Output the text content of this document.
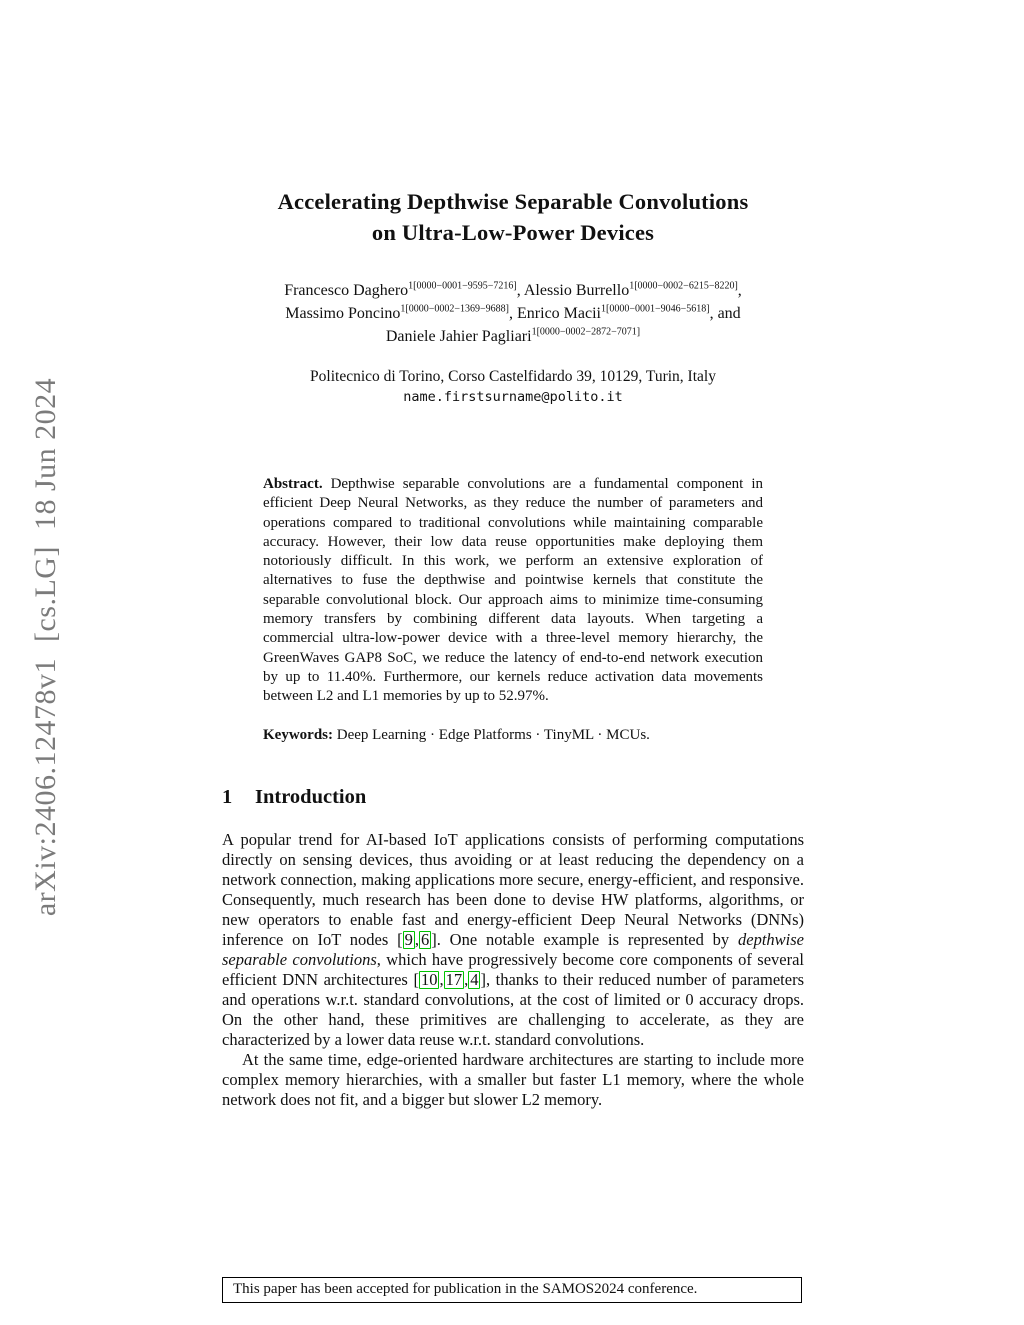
arXiv:2406.12478v1  [cs.LG]  18 Jun 2024
Accelerating Depthwise Separable Convolutions
on Ultra-Low-Power Devices
Francesco Daghero$^{1[0000-0001-9595-7216]}$, Alessio Burrello$^{1[0000-0002-6215-8220]}$,
Massimo Poncino$^{1[0000-0002-1369-9688]}$, Enrico Macii$^{1[0000-0001-9046-5618]}$, and
Daniele Jahier Pagliari$^{1[0000-0002-2872-7071]}$
Politecnico di Torino, Corso Castelfidardo 39, 10129, Turin, Italy
name.firstsurname@polito.it
Abstract. Depthwise separable convolutions are a fundamental component in efficient Deep Neural Networks, as they reduce the number of parameters and operations compared to traditional convolutions while maintaining comparable accuracy. However, their low data reuse opportunities make deploying them notoriously difficult. In this work, we perform an extensive exploration of alternatives to fuse the depthwise and pointwise kernels that constitute the separable convolutional block. Our approach aims to minimize time-consuming memory transfers by combining different data layouts. When targeting a commercial ultra-low-power device with a three-level memory hierarchy, the GreenWaves GAP8 SoC, we reduce the latency of end-to-end network execution by up to 11.40%. Furthermore, our kernels reduce activation data movements between L2 and L1 memories by up to 52.97%.
Keywords: Deep Learning · Edge Platforms · TinyML · MCUs.
1 Introduction

A popular trend for AI-based IoT applications consists of performing computations directly on sensing devices, thus avoiding or at least reducing the dependency on a network connection, making applications more secure, energy-efficient, and responsive. Consequently, much research has been done to devise HW platforms, algorithms, or new operators to enable fast and energy-efficient Deep Neural Networks (DNNs) inference on IoT nodes [ 9 , 6 ]. One notable example is represented by depthwise separable convolutions, which have progressively become core components of several efficient DNN architectures [ 10 , 17 , 4 ], thanks to their reduced number of parameters and operations w.r.t. standard convolutions, at the cost of limited or 0 accuracy drops. On the other hand, these primitives are challenging to accelerate, as they are characterized by a lower data reuse w.r.t. standard convolutions.

At the same time, edge-oriented hardware architectures are starting to include more complex memory hierarchies, with a smaller but faster L1 memory, where the whole network does not fit, and a bigger but slower L2 memory.

This paper has been accepted for publication in the SAMOS2024 conference.
